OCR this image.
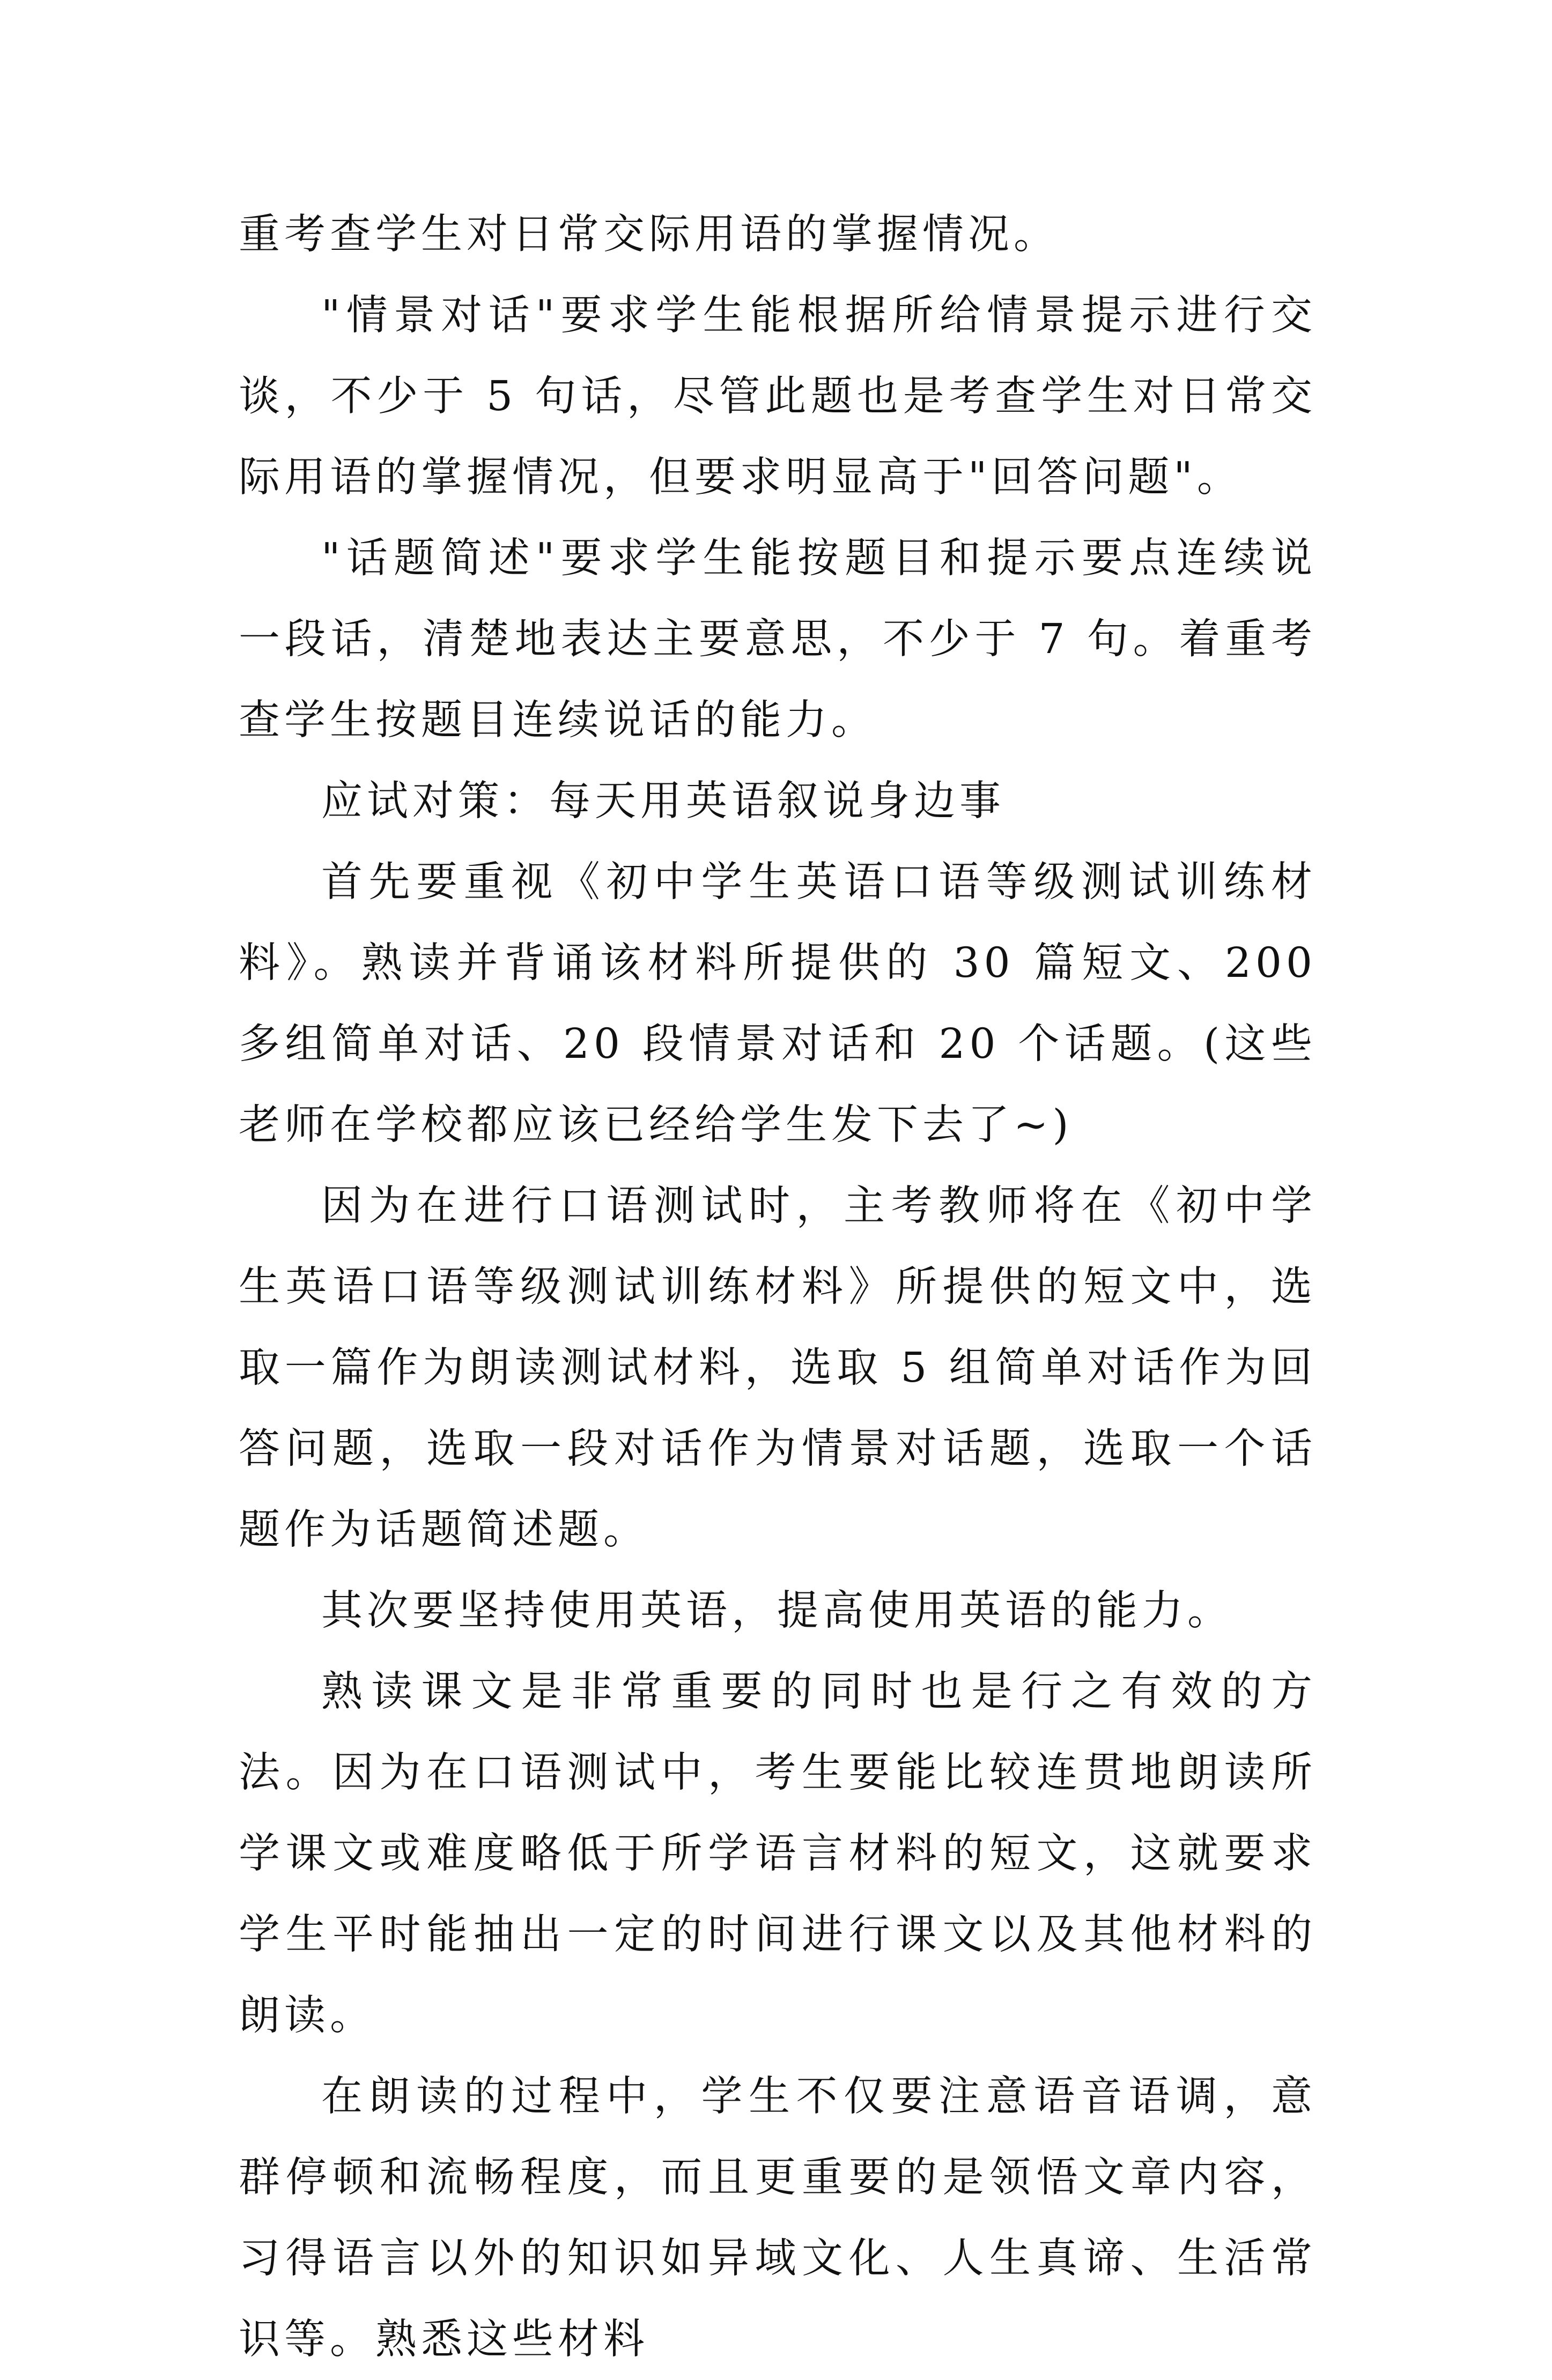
重考查学生对日常交际用语的掌握情况。

"情景对话"要求学生能根据所给情景提示进行交谈，不少于 5 句话，尽管此题也是考查学生对日常交际用语的掌握情况，但要求明显高于"回答问题"。

"话题简述"要求学生能按题目和提示要点连续说一段话，清楚地表达主要意思，不少于 7 句。着重考查学生按题目连续说话的能力。

应试对策：每天用英语叙说身边事

首先要重视《初中学生英语口语等级测试训练材料》。熟读并背诵该材料所提供的 30 篇短文、200 多组简单对话、20 段情景对话和 20 个话题。(这些老师在学校都应该已经给学生发下去了~)

因为在进行口语测试时，主考教师将在《初中学生英语口语等级测试训练材料》所提供的短文中，选取一篇作为朗读测试材料，选取 5 组简单对话作为回答问题，选取一段对话作为情景对话题，选取一个话题作为话题简述题。

其次要坚持使用英语，提高使用英语的能力。

熟读课文是非常重要的同时也是行之有效的方法。因为在口语测试中，考生要能比较连贯地朗读所学课文或难度略低于所学语言材料的短文，这就要求学生平时能抽出一定的时间进行课文以及其他材料的朗读。

在朗读的过程中，学生不仅要注意语音语调，意群停顿和流畅程度，而且更重要的是领悟文章内容，习得语言以外的知识如异域文化、人生真谛、生活常识等。熟悉这些材料
